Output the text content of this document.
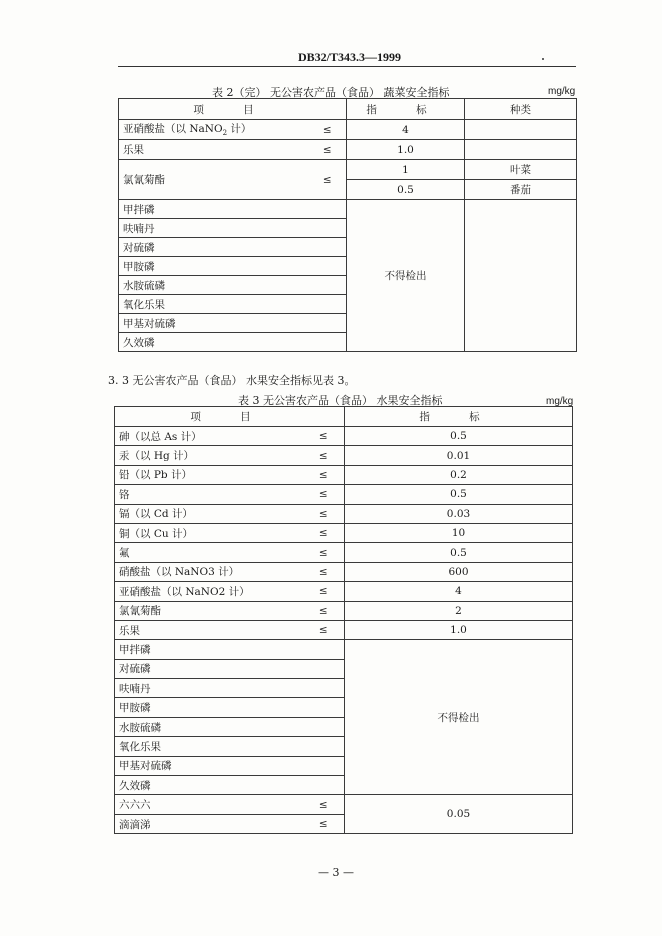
DB32/T343.3—1999
表 2（完） 无公害农产品（食品） 蔬菜安全指标	mg/kg
项 目		指 标	种类
亚硝酸盐（以 NaNO$_2$ 计）	≤	4	
乐果	≤	1.0	
氯氰菊酯	≤	1	叶菜
		0.5	番茄
甲拌磷		不得检出	
呋喃丹			
对硫磷			
甲胺磷			
水胺硫磷			
氧化乐果			
甲基对硫磷			
久效磷			
3. 3 无公害农产品（食品） 水果安全指标见表 3。
表 3 无公害农产品（食品） 水果安全指标	mg/kg
项 目		指 标
砷（以总 As 计）	≤	0.5
汞（以 Hg 计）	≤	0.01
铅（以 Pb 计）	≤	0.2
铬	≤	0.5
镉（以 Cd 计）	≤	0.03
铜（以 Cu 计）	≤	10
氟	≤	0.5
硝酸盐（以 NaNO3 计）	≤	600
亚硝酸盐（以 NaNO2 计）	≤	4
氯氰菊酯	≤	2
乐果	≤	1.0
甲拌磷		不得检出
对硫磷		
呋喃丹		
甲胺磷		
水胺硫磷		
氧化乐果		
甲基对硫磷		
久效磷		
六六六	≤	0.05
滴滴涕	≤	
— 3 —
